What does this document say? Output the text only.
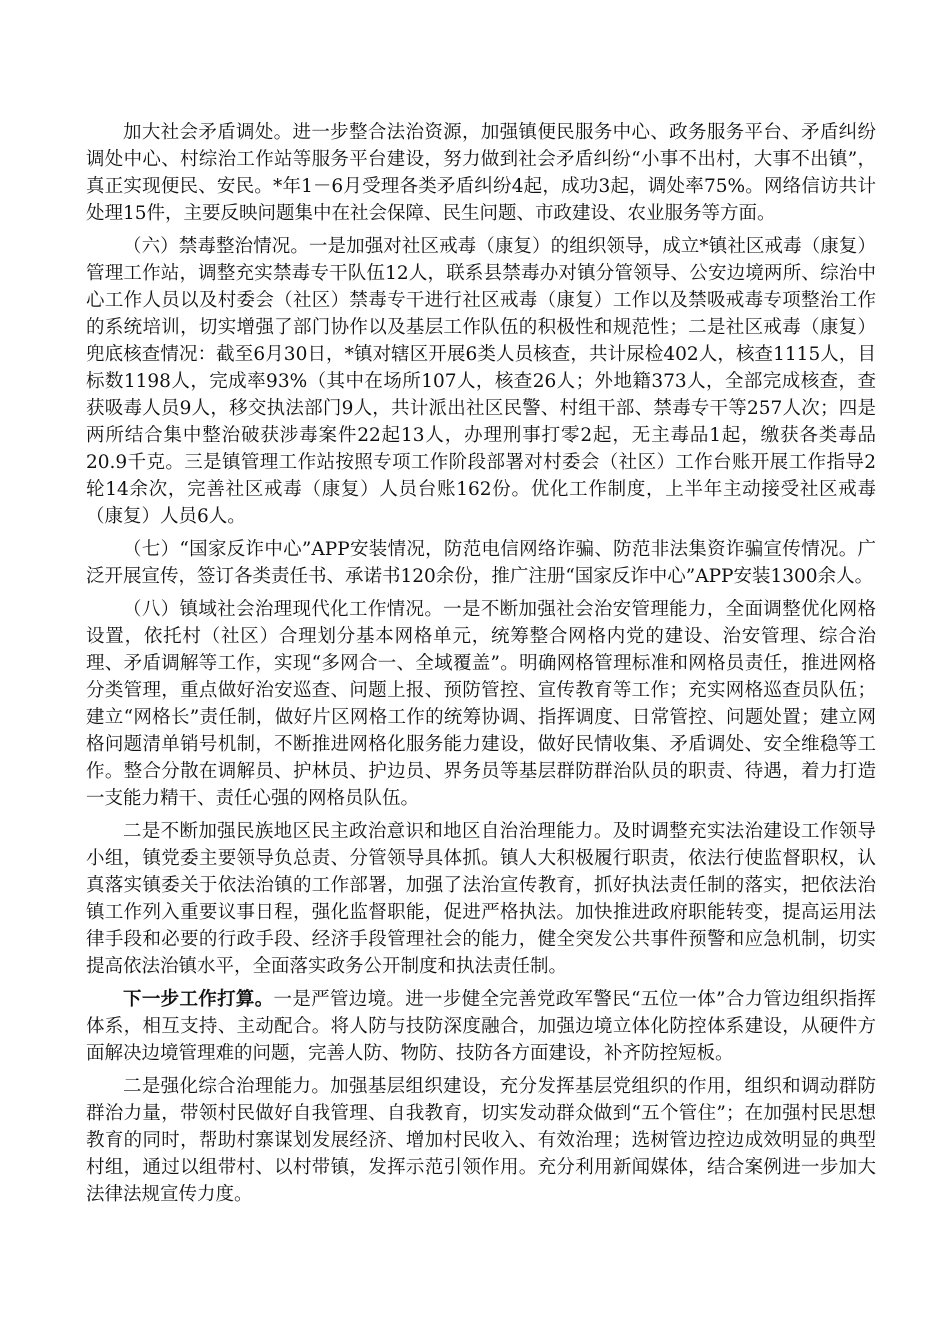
加大社会矛盾调处。进一步整合法治资源，加强镇便民服务中心、政务服务平台、矛盾纠纷调处中心、村综治工作站等服务平台建设，努力做到社会矛盾纠纷“小事不出村，大事不出镇”，真正实现便民、安民。*年1－6月受理各类矛盾纠纷4起，成功3起，调处率75%。网络信访共计处理15件，主要反映问题集中在社会保障、民生问题、市政建设、农业服务等方面。

（六）禁毒整治情况。一是加强对社区戒毒（康复）的组织领导，成立*镇社区戒毒（康复）管理工作站，调整充实禁毒专干队伍12人，联系县禁毒办对镇分管领导、公安边境两所、综治中心工作人员以及村委会（社区）禁毒专干进行社区戒毒（康复）工作以及禁吸戒毒专项整治工作的系统培训，切实增强了部门协作以及基层工作队伍的积极性和规范性；二是社区戒毒（康复）兜底核查情况：截至6月30日，*镇对辖区开展6类人员核查，共计尿检402人，核查1115人，目标数1198人，完成率93%（其中在场所107人，核查26人；外地籍373人，全部完成核查，查获吸毒人员9人，移交执法部门9人，共计派出社区民警、村组干部、禁毒专干等257人次；四是两所结合集中整治破获涉毒案件22起13人，办理刑事打零2起，无主毒品1起，缴获各类毒品20.9千克。三是镇管理工作站按照专项工作阶段部署对村委会（社区）工作台账开展工作指导2轮14余次，完善社区戒毒（康复）人员台账162份。优化工作制度，上半年主动接受社区戒毒（康复）人员6人。

（七）“国家反诈中心”APP安装情况，防范电信网络诈骗、防范非法集资诈骗宣传情况。广泛开展宣传，签订各类责任书、承诺书120余份，推广注册“国家反诈中心”APP安装1300余人。

（八）镇域社会治理现代化工作情况。一是不断加强社会治安管理能力，全面调整优化网格设置，依托村（社区）合理划分基本网格单元，统筹整合网格内党的建设、治安管理、综合治理、矛盾调解等工作，实现“多网合一、全域覆盖”。明确网格管理标准和网格员责任，推进网格分类管理，重点做好治安巡查、问题上报、预防管控、宣传教育等工作；充实网格巡查员队伍；建立“网格长”责任制，做好片区网格工作的统筹协调、指挥调度、日常管控、问题处置；建立网格问题清单销号机制，不断推进网格化服务能力建设，做好民情收集、矛盾调处、安全维稳等工作。整合分散在调解员、护林员、护边员、界务员等基层群防群治队员的职责、待遇，着力打造一支能力精干、责任心强的网格员队伍。

二是不断加强民族地区民主政治意识和地区自治治理能力。及时调整充实法治建设工作领导小组，镇党委主要领导负总责、分管领导具体抓。镇人大积极履行职责，依法行使监督职权，认真落实镇委关于依法治镇的工作部署，加强了法治宣传教育，抓好执法责任制的落实，把依法治镇工作列入重要议事日程，强化监督职能，促进严格执法。加快推进政府职能转变，提高运用法律手段和必要的行政手段、经济手段管理社会的能力，健全突发公共事件预警和应急机制，切实提高依法治镇水平，全面落实政务公开制度和执法责任制。

下一步工作打算。一是严管边境。进一步健全完善党政军警民“五位一体”合力管边组织指挥体系，相互支持、主动配合。将人防与技防深度融合，加强边境立体化防控体系建设，从硬件方面解决边境管理难的问题，完善人防、物防、技防各方面建设，补齐防控短板。

二是强化综合治理能力。加强基层组织建设，充分发挥基层党组织的作用，组织和调动群防群治力量，带领村民做好自我管理、自我教育，切实发动群众做到“五个管住”；在加强村民思想教育的同时，帮助村寨谋划发展经济、增加村民收入、有效治理；选树管边控边成效明显的典型村组，通过以组带村、以村带镇，发挥示范引领作用。充分利用新闻媒体，结合案例进一步加大法律法规宣传力度。
